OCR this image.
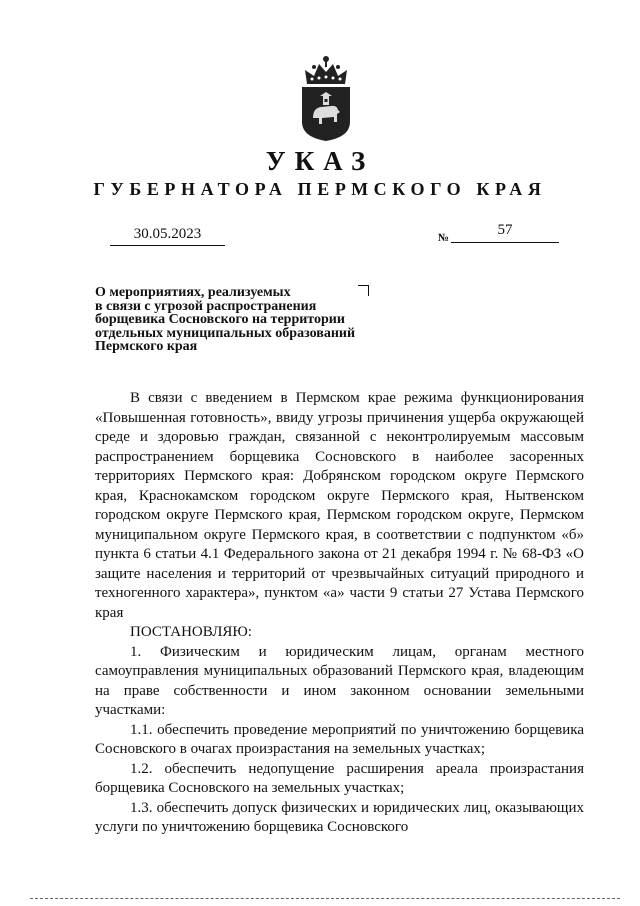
УКАЗ
ГУБЕРНАТОРА ПЕРМСКОГО КРАЯ
30.05.2023	№	57
О мероприятиях, реализуемых
в связи с угрозой распространения
борщевика Сосновского на территории
отдельных муниципальных образований
Пермского края

В связи с введением в Пермском крае режима функционирования «Повышенная готовность», ввиду угрозы причинения ущерба окружающей среде и здоровью граждан, связанной с неконтролируемым массовым распространением борщевика Сосновского в наиболее засоренных территориях Пермского края: Добрянском городском округе Пермского края, Краснокамском городском округе Пермского края, Нытвенском городском округе Пермского края, Пермском городском округе, Пермском муниципальном округе Пермского края, в соответствии с подпунктом «б» пункта 6 статьи 4.1 Федерального закона от 21 декабря 1994 г. № 68-ФЗ «О защите населения и территорий от чрезвычайных ситуаций природного и техногенного характера», пунктом «а» части 9 статьи 27 Устава Пермского края

ПОСТАНОВЛЯЮ:

1. Физическим и юридическим лицам, органам местного самоуправления муниципальных образований Пермского края, владеющим на праве собственности и ином законном основании земельными участками:

1.1. обеспечить проведение мероприятий по уничтожению борщевика Сосновского в очагах произрастания на земельных участках;

1.2. обеспечить недопущение расширения ареала произрастания борщевика Сосновского на земельных участках;

1.3. обеспечить допуск физических и юридических лиц, оказывающих услуги по уничтожению борщевика Сосновского
